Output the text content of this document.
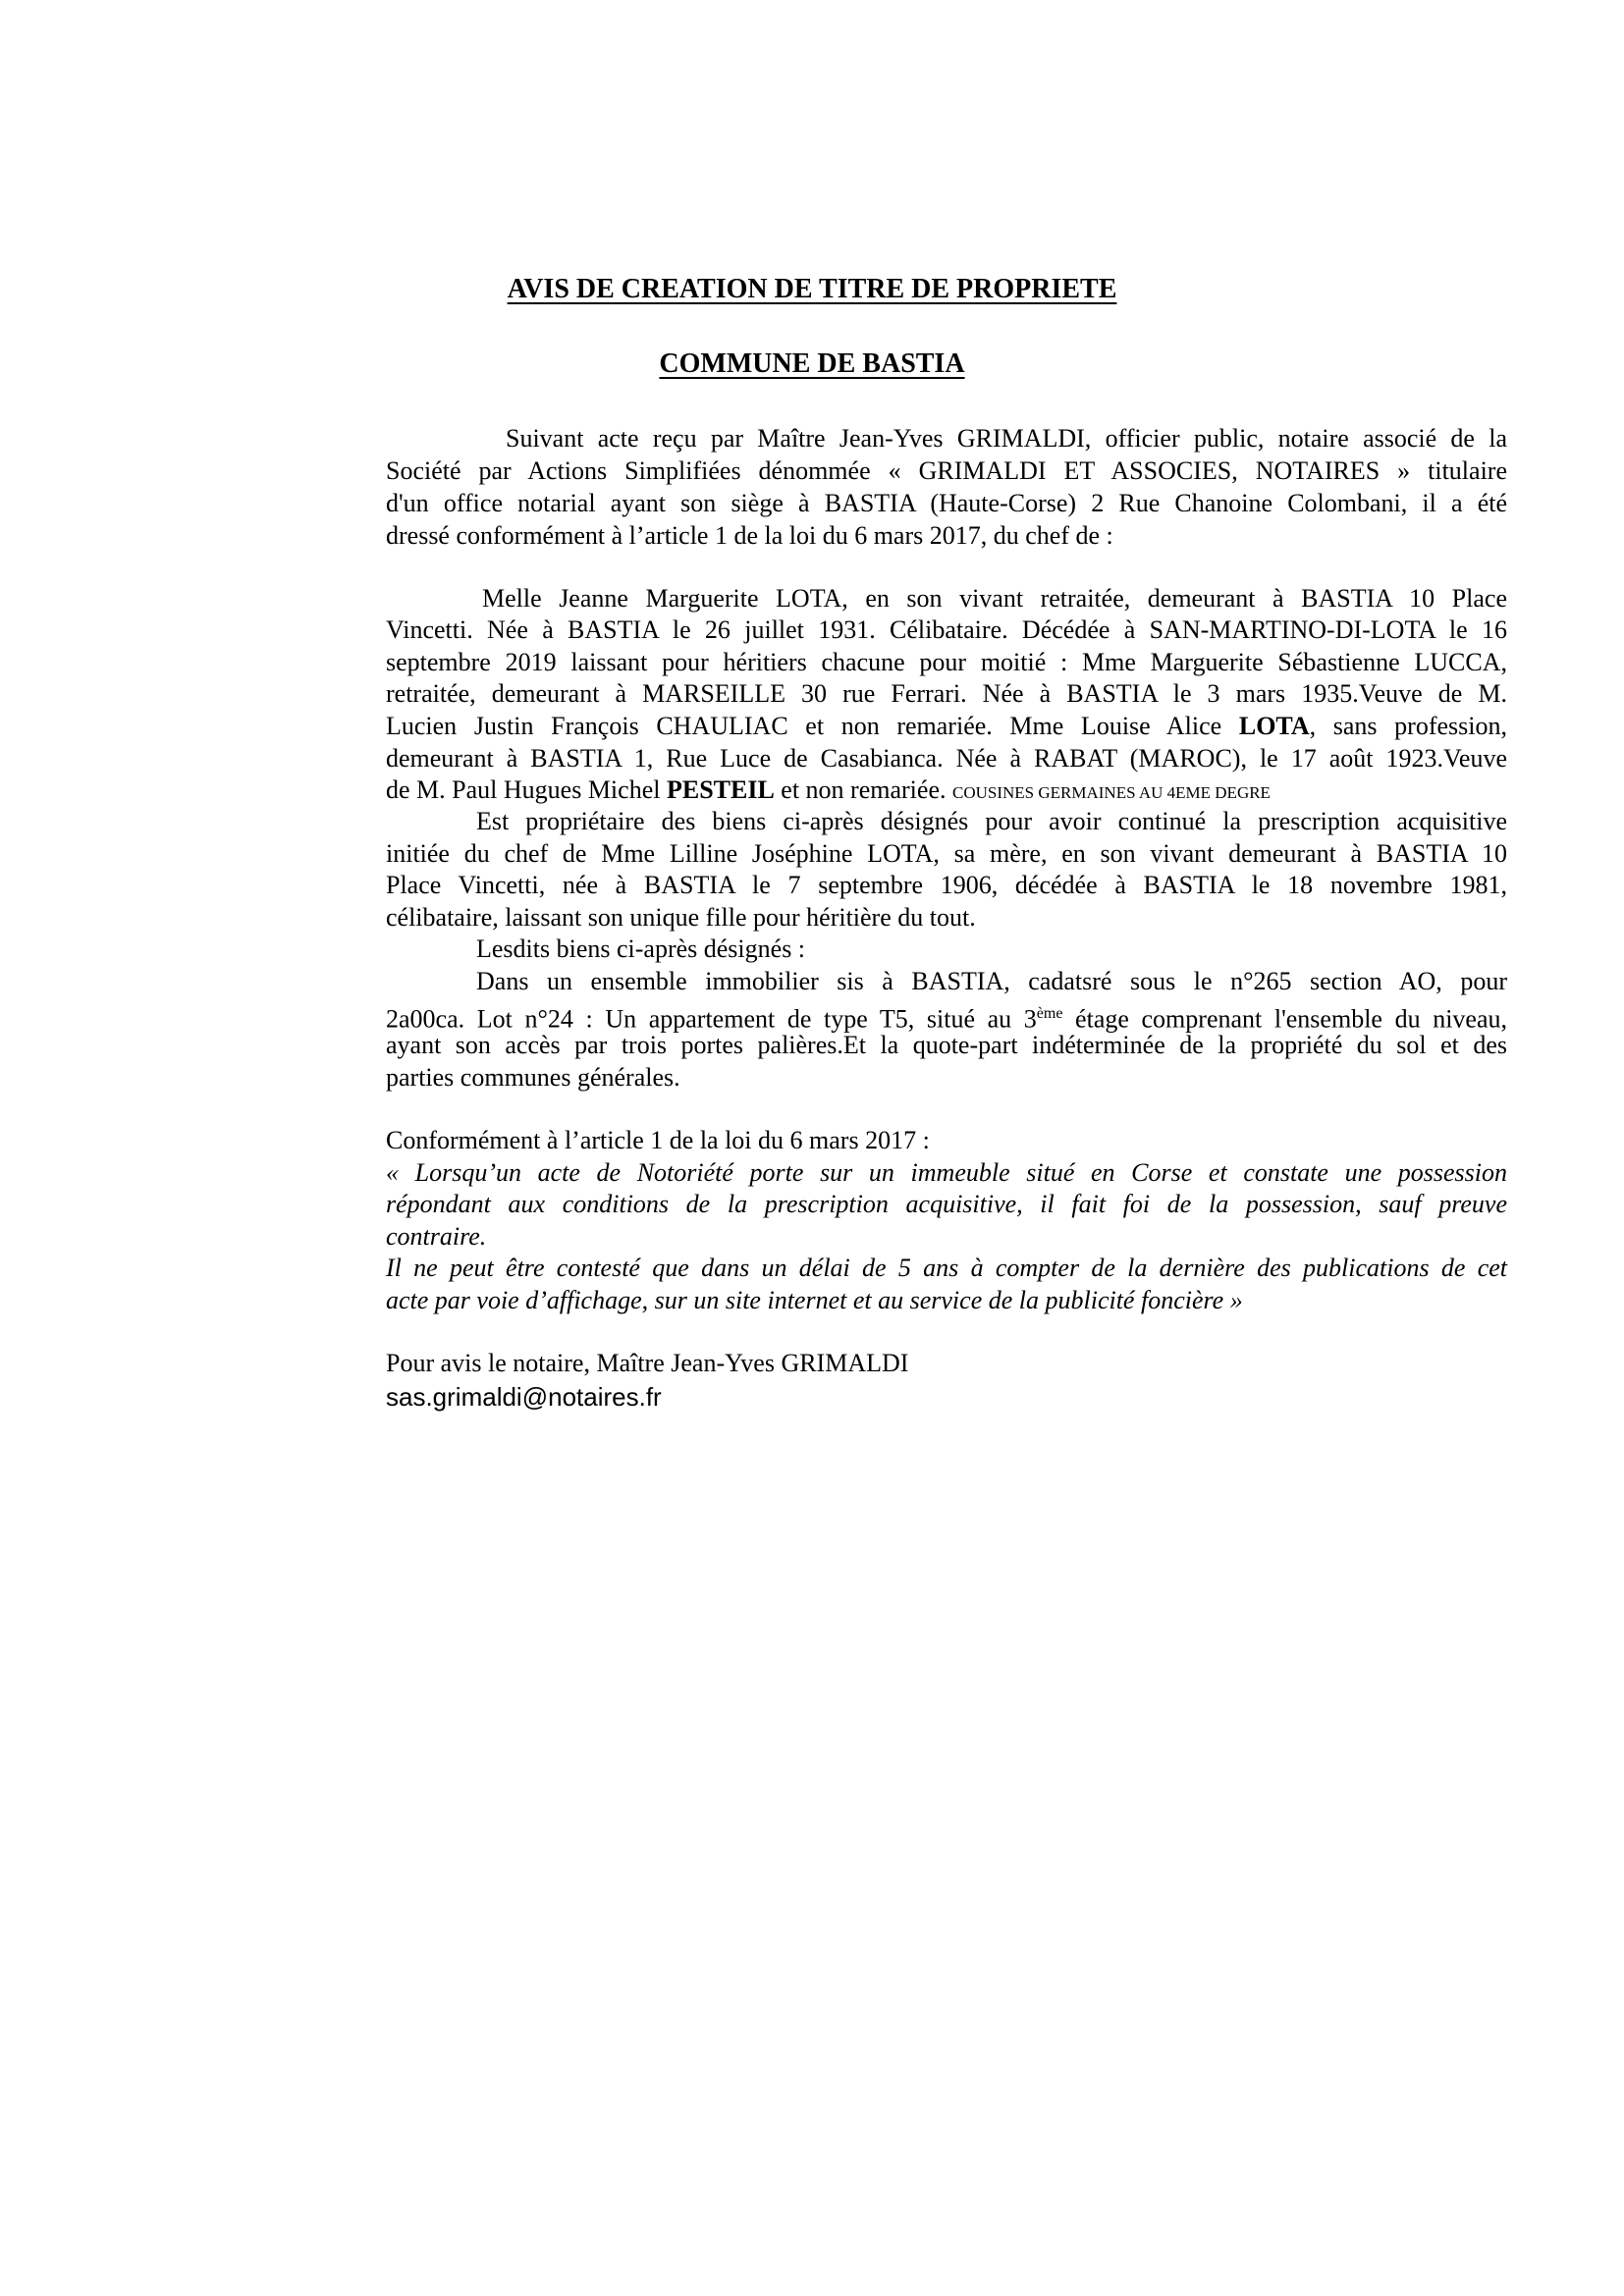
AVIS DE CREATION DE TITRE DE PROPRIETE

COMMUNE DE BASTIA

Suivant acte reçu par Maître Jean-Yves GRIMALDI, officier public, notaire associé de la

Société par Actions Simplifiées dénommée « GRIMALDI ET ASSOCIES, NOTAIRES » titulaire

d'un office notarial ayant son siège à BASTIA (Haute-Corse) 2 Rue Chanoine Colombani, il a été

dressé conformément à l’article 1 de la loi du 6 mars 2017, du chef de :

Melle Jeanne Marguerite LOTA, en son vivant retraitée, demeurant à BASTIA 10 Place

Vincetti. Née à BASTIA le 26 juillet 1931. Célibataire. Décédée à SAN-MARTINO-DI-LOTA le 16

septembre 2019 laissant pour héritiers chacune pour moitié : Mme Marguerite Sébastienne LUCCA,

retraitée, demeurant à MARSEILLE 30 rue Ferrari. Née à BASTIA le 3 mars 1935.Veuve de M.

Lucien Justin François CHAULIAC et non remariée. Mme Louise Alice LOTA, sans profession,

demeurant à BASTIA 1, Rue Luce de Casabianca. Née à RABAT (MAROC), le 17 août 1923.Veuve

de M. Paul Hugues Michel PESTEIL et non remariée. COUSINES GERMAINES AU 4EME DEGRE

Est propriétaire des biens ci-après désignés pour avoir continué la prescription acquisitive

initiée du chef de Mme Lilline Joséphine LOTA, sa mère, en son vivant demeurant à BASTIA 10

Place Vincetti, née à BASTIA le 7 septembre 1906, décédée à BASTIA le 18 novembre 1981,

célibataire, laissant son unique fille pour héritière du tout.

Lesdits biens ci-après désignés :

Dans un ensemble immobilier sis à BASTIA, cadatsré sous le n°265 section AO, pour

2a00ca. Lot n°24 : Un appartement de type T5, situé au 3ème étage comprenant l'ensemble du niveau,

ayant son accès par trois portes palières.Et la quote-part indéterminée de la propriété du sol et des

parties communes générales.

Conformément à l’article 1 de la loi du 6 mars 2017 :

« Lorsqu’un acte de Notoriété porte sur un immeuble situé en Corse et constate une possession

répondant aux conditions de la prescription acquisitive, il fait foi de la possession, sauf preuve

contraire.

Il ne peut être contesté que dans un délai de 5 ans à compter de la dernière des publications de cet

acte par voie d’affichage, sur un site internet et au service de la publicité foncière »

Pour avis le notaire, Maître Jean-Yves GRIMALDI

sas.grimaldi@notaires.fr
